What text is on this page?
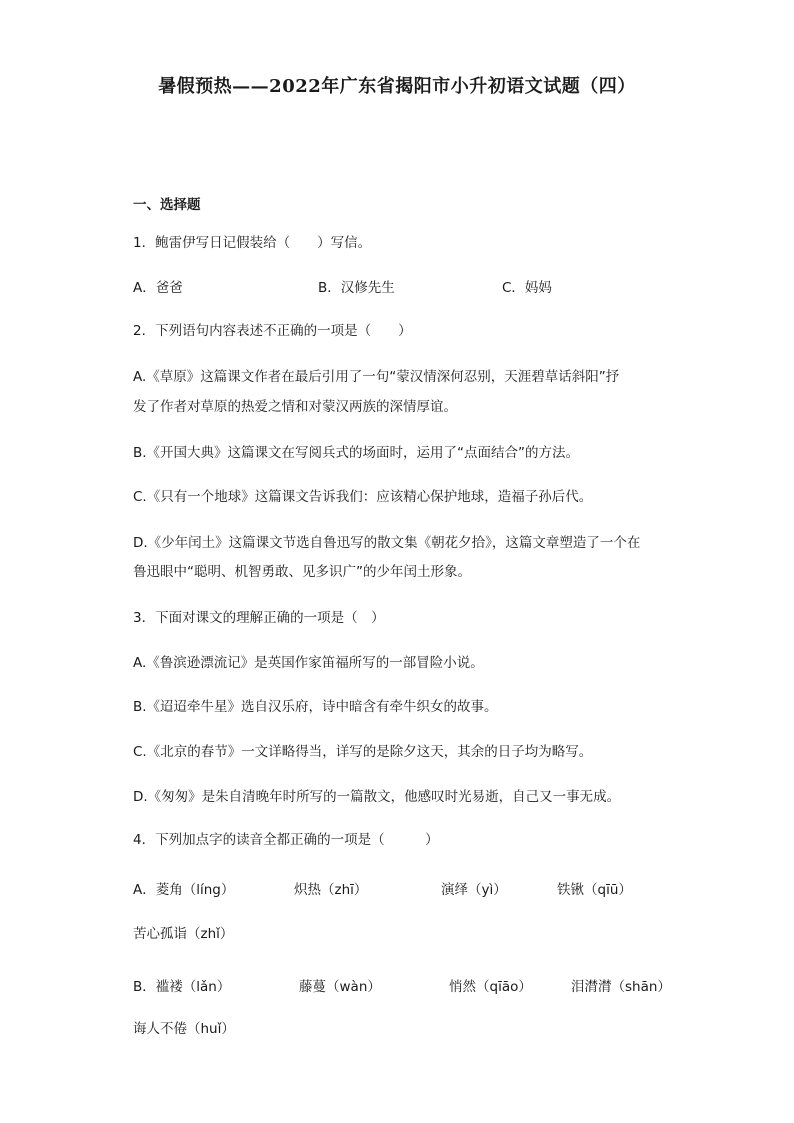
暑假预热——2022年广东省揭阳市小升初语文试题（四）
一、选择题
1．鲍雷伊写日记假装给（　　）写信。
A．爸爸	B．汉修先生	C．妈妈
2．下列语句内容表述不正确的一项是（　　）
A.《草原》这篇课文作者在最后引用了一句“蒙汉情深何忍别，天涯碧草话斜阳”抒
发了作者对草原的热爱之情和对蒙汉两族的深情厚谊。
B.《开国大典》这篇课文在写阅兵式的场面时，运用了“点面结合”的方法。
C.《只有一个地球》这篇课文告诉我们：应该精心保护地球，造福子孙后代。
D.《少年闰土》这篇课文节选自鲁迅写的散文集《朝花夕拾》，这篇文章塑造了一个在
鲁迅眼中“聪明、机智勇敢、见多识广”的少年闰土形象。
3．下面对课文的理解正确的一项是（　）
A.《鲁滨逊漂流记》是英国作家笛福所写的一部冒险小说。
B.《迢迢牵牛星》选自汉乐府，诗中暗含有牵牛织女的故事。
C.《北京的春节》一文详略得当，详写的是除夕这天，其余的日子均为略写。
D.《匆匆》是朱自清晚年时所写的一篇散文，他感叹时光易逝，自己又一事无成。
4．下列加点字的读音全都正确的一项是（　　　）
A．菱角（líng）	炽热（zhī）	演绎（yì）	铁锹（qīū）
苦心孤诣（zhǐ）
B．褴褛（lǎn）	藤蔓（wàn）	悄然（qīāo）	泪潸潸（shān）
诲人不倦（huǐ）
